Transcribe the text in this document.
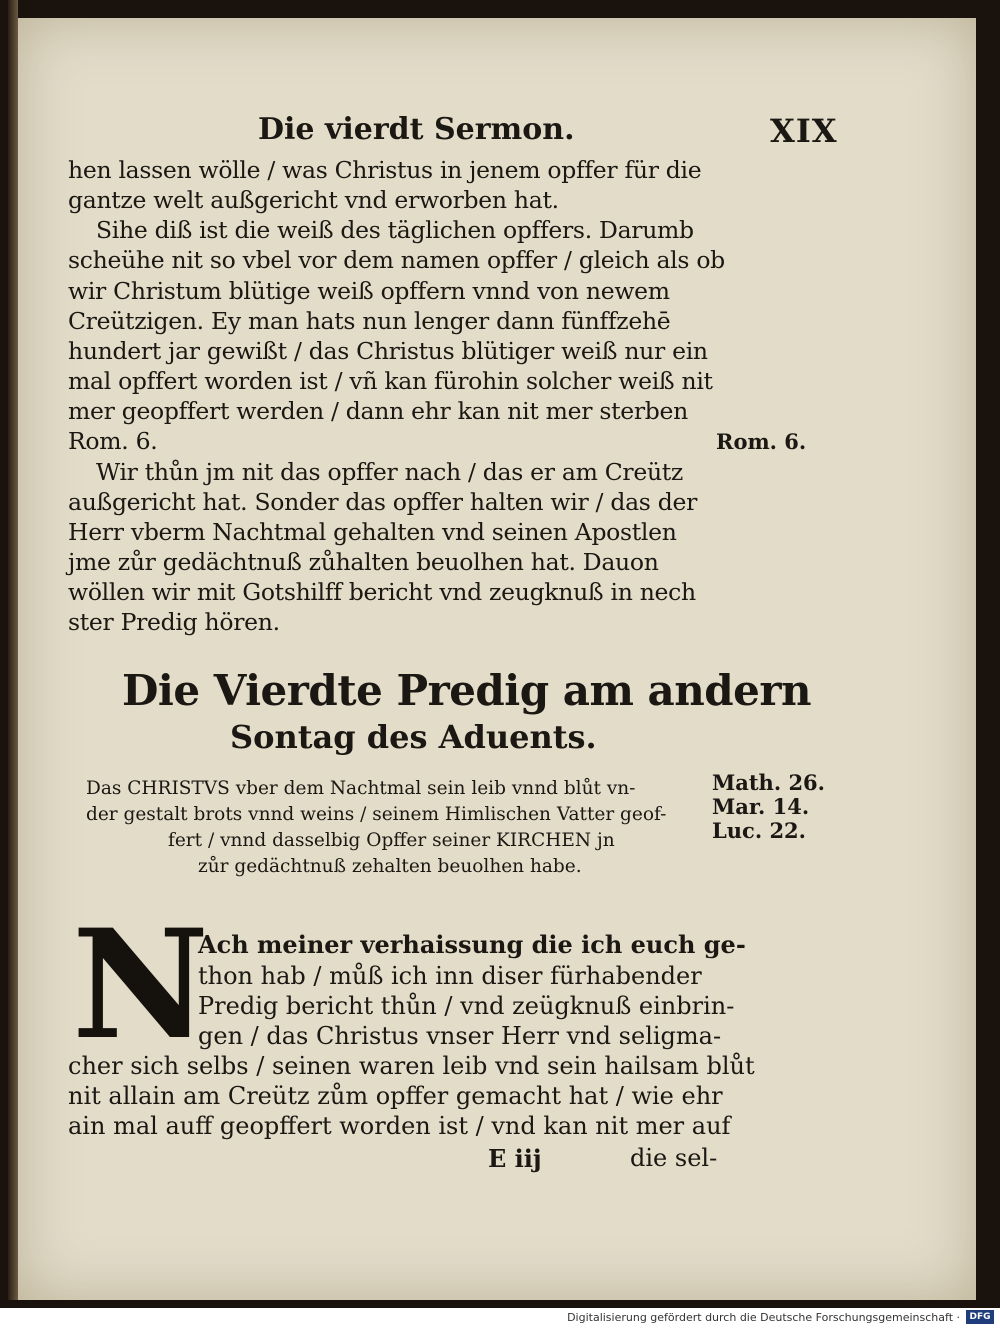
Die vierdt Sermon.	XIX
hen lassen wölle / was Christus in jenem opffer für die
gantze welt außgericht vnd erworben hat.
Sihe diß ist die weiß des täglichen opffers. Darumb
scheühe nit so vbel vor dem namen opffer / gleich als ob
wir Christum blütige weiß opffern vnnd von newem
Creützigen. Ey man hats nun lenger dann fünffzehē
hundert jar gewißt / das Christus blütiger weiß nur ein
mal opffert worden ist / vñ kan fürohin solcher weiß nit
mer geopffert werden / dann ehr kan nit mer sterben
Rom. 6.	Rom. 6.
Wir thůn jm nit das opffer nach / das er am Creütz
außgericht hat. Sonder das opffer halten wir / das der
Herr vberm Nachtmal gehalten vnd seinen Apostlen
jme zůr gedächtnuß zůhalten beuolhen hat. Dauon
wöllen wir mit Gotshilff bericht vnd zeugknuß in nech
ster Predig hören.
Die Vierdte Predig am andern
Sontag des Aduents.
Das CHRISTVS vber dem Nachtmal sein leib vnnd blůt vn-
der gestalt brots vnnd weins / seinem Himlischen Vatter geof-
fert / vnnd dasselbig Opffer seiner KIRCHEN jn
zůr gedächtnuß zehalten beuolhen habe.
Math. 26.
Mar. 14.
Luc. 22.
N
Ach meiner verhaissung die ich euch ge-
thon hab / můß ich inn diser fürhabender
Predig bericht thůn / vnd zeügknuß einbrin-
gen / das Christus vnser Herr vnd seligma-
cher sich selbs / seinen waren leib vnd sein hailsam blůt
nit allain am Creütz zům opffer gemacht hat / wie ehr
ain mal auff geopffert worden ist / vnd kan nit mer auf
E iij	die sel-
Digitalisierung gefördert durch die Deutsche Forschungsgemeinschaft ·	DFG
